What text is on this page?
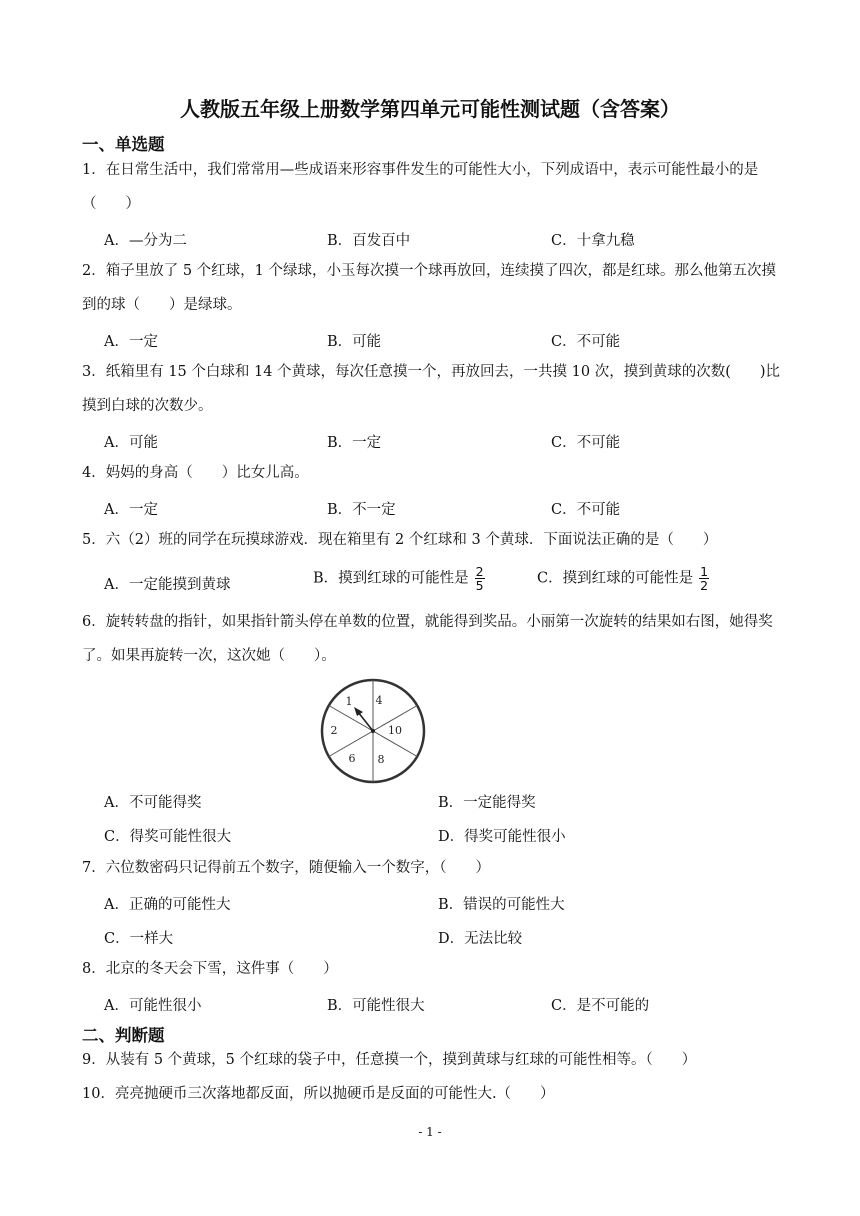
人教版五年级上册数学第四单元可能性测试题（含答案）
一、单选题
1．在日常生活中，我们常常用—些成语来形容事件发生的可能性大小，下列成语中，表示可能性最小的是（　　）
A．—分为二	B．百发百中	C．十拿九稳
2．箱子里放了 5 个红球，1 个绿球，小玉每次摸一个球再放回，连续摸了四次，都是红球。那么他第五次摸到的球（　　）是绿球。
A．一定	B．可能	C．不可能
3．纸箱里有 15 个白球和 14 个黄球，每次任意摸一个，再放回去，一共摸 10 次，摸到黄球的次数(　　)比摸到白球的次数少。
A．可能	B．一定	C．不可能
4．妈妈的身高（　　）比女儿高。
A．一定	B．不一定	C．不可能
5．六（2）班的同学在玩摸球游戏．现在箱里有 2 个红球和 3 个黄球．下面说法正确的是（　　）
A．一定能摸到黄球	B．摸到红球的可能性是 $\frac{2}{5}$	C．摸到红球的可能性是 $\frac{1}{2}$
6．旋转转盘的指针，如果指针箭头停在单数的位置，就能得到奖品。小丽第一次旋转的结果如右图，她得奖了。如果再旋转一次，这次她（　　）。
1 4
10
8
6
2
A．不可能得奖	B．一定能得奖
C．得奖可能性很大	D．得奖可能性很小
7．六位数密码只记得前五个数字，随便输入一个数字，（　　）
A．正确的可能性大	B．错误的可能性大
C．一样大	D．无法比较
8．北京的冬天会下雪，这件事（　　）
A．可能性很小	B．可能性很大	C．是不可能的
二、判断题
9．从装有 5 个黄球，5 个红球的袋子中，任意摸一个，摸到黄球与红球的可能性相等。（　　）
10．亮亮抛硬币三次落地都反面，所以抛硬币是反面的可能性大.（　　）
- 1 -
